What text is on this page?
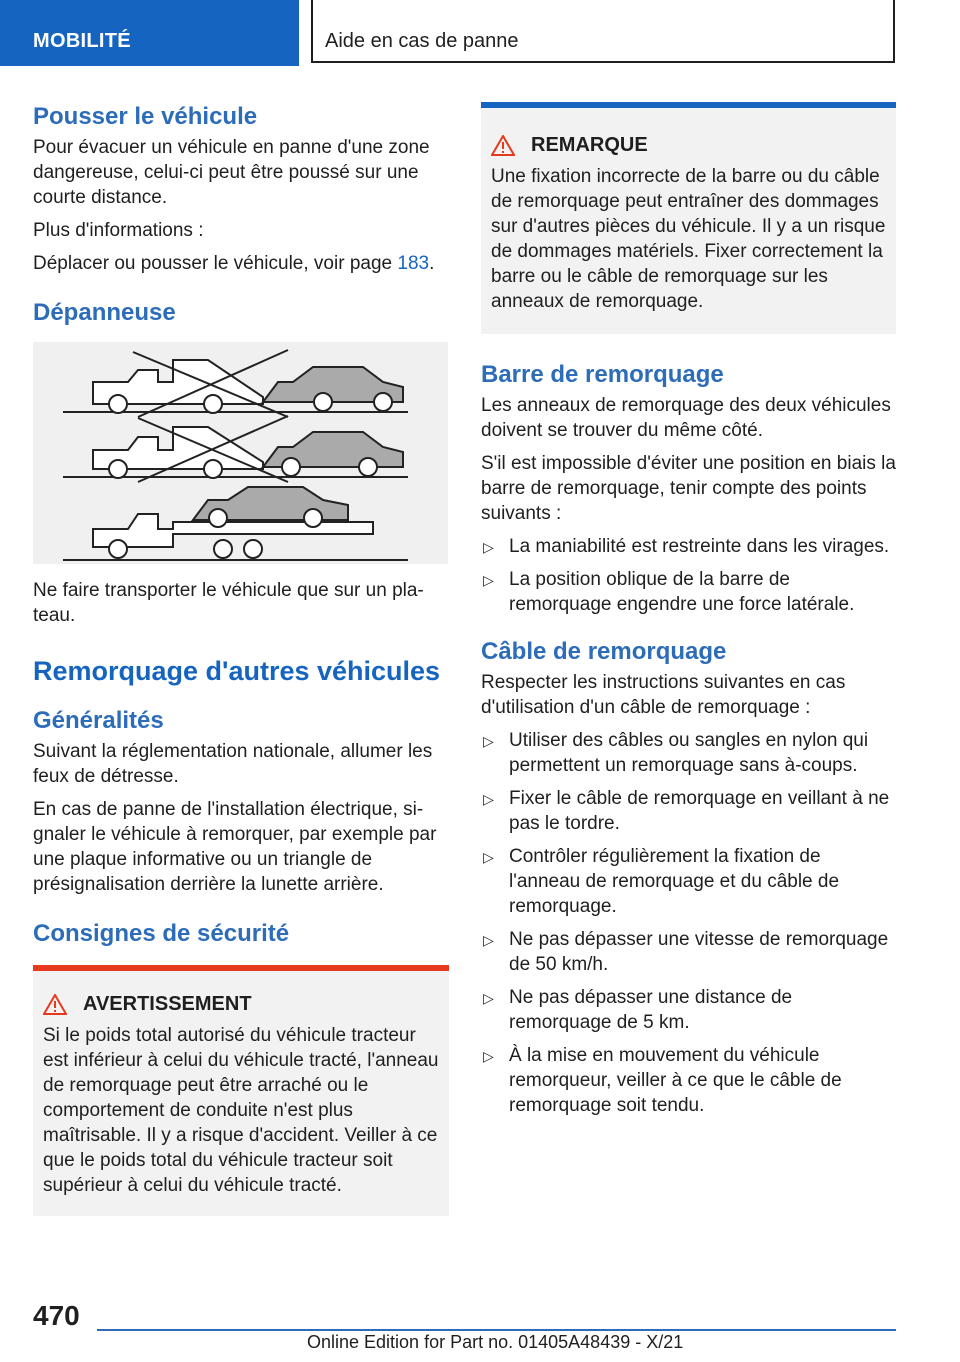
MOBILITÉ	Aide en cas de panne
Pousser le véhicule

Pour évacuer un véhicule en panne d'une zone dangereuse, celui-ci peut être poussé sur une courte distance.

Plus d'informations :

Déplacer ou pousser le véhicule, voir page 183.

Dépanneuse

Ne faire transporter le véhicule que sur un pla-teau.

Remorquage d'autres véhicules
Généralités

Suivant la réglementation nationale, allumer les feux de détresse.

En cas de panne de l'installation électrique, si-gnaler le véhicule à remorquer, par exemple par une plaque informative ou un triangle de présignalisation derrière la lunette arrière.

Consignes de sécurité
AVERTISSEMENT

Si le poids total autorisé du véhicule tracteur est inférieur à celui du véhicule tracté, l'anneau de remorquage peut être arraché ou le comportement de conduite n'est plus maîtrisable. Il y a risque d'accident. Veiller à ce que le poids total du véhicule tracteur soit supérieur à celui du véhicule tracté.

REMARQUE

Une fixation incorrecte de la barre ou du câble de remorquage peut entraîner des dommages sur d'autres pièces du véhicule. Il y a un risque de dommages matériels. Fixer correctement la barre ou le câble de remorquage sur les anneaux de remorquage.

Barre de remorquage

Les anneaux de remorquage des deux véhicules doivent se trouver du même côté.

S'il est impossible d'éviter une position en biais la barre de remorquage, tenir compte des points suivants :

▷ La maniabilité est restreinte dans les virages.
▷ La position oblique de la barre de remorquage engendre une force latérale.
Câble de remorquage

Respecter les instructions suivantes en cas d'utilisation d'un câble de remorquage :

▷ Utiliser des câbles ou sangles en nylon qui permettent un remorquage sans à-coups.
▷ Fixer le câble de remorquage en veillant à ne pas le tordre.
▷ Contrôler régulièrement la fixation de l'anneau de remorquage et du câble de remorquage.
▷ Ne pas dépasser une vitesse de remorquage de 50 km/h.
▷ Ne pas dépasser une distance de remorquage de 5 km.
▷ À la mise en mouvement du véhicule remorqueur, veiller à ce que le câble de remorquage soit tendu.
470
Online Edition for Part no. 01405A48439 - X/21
